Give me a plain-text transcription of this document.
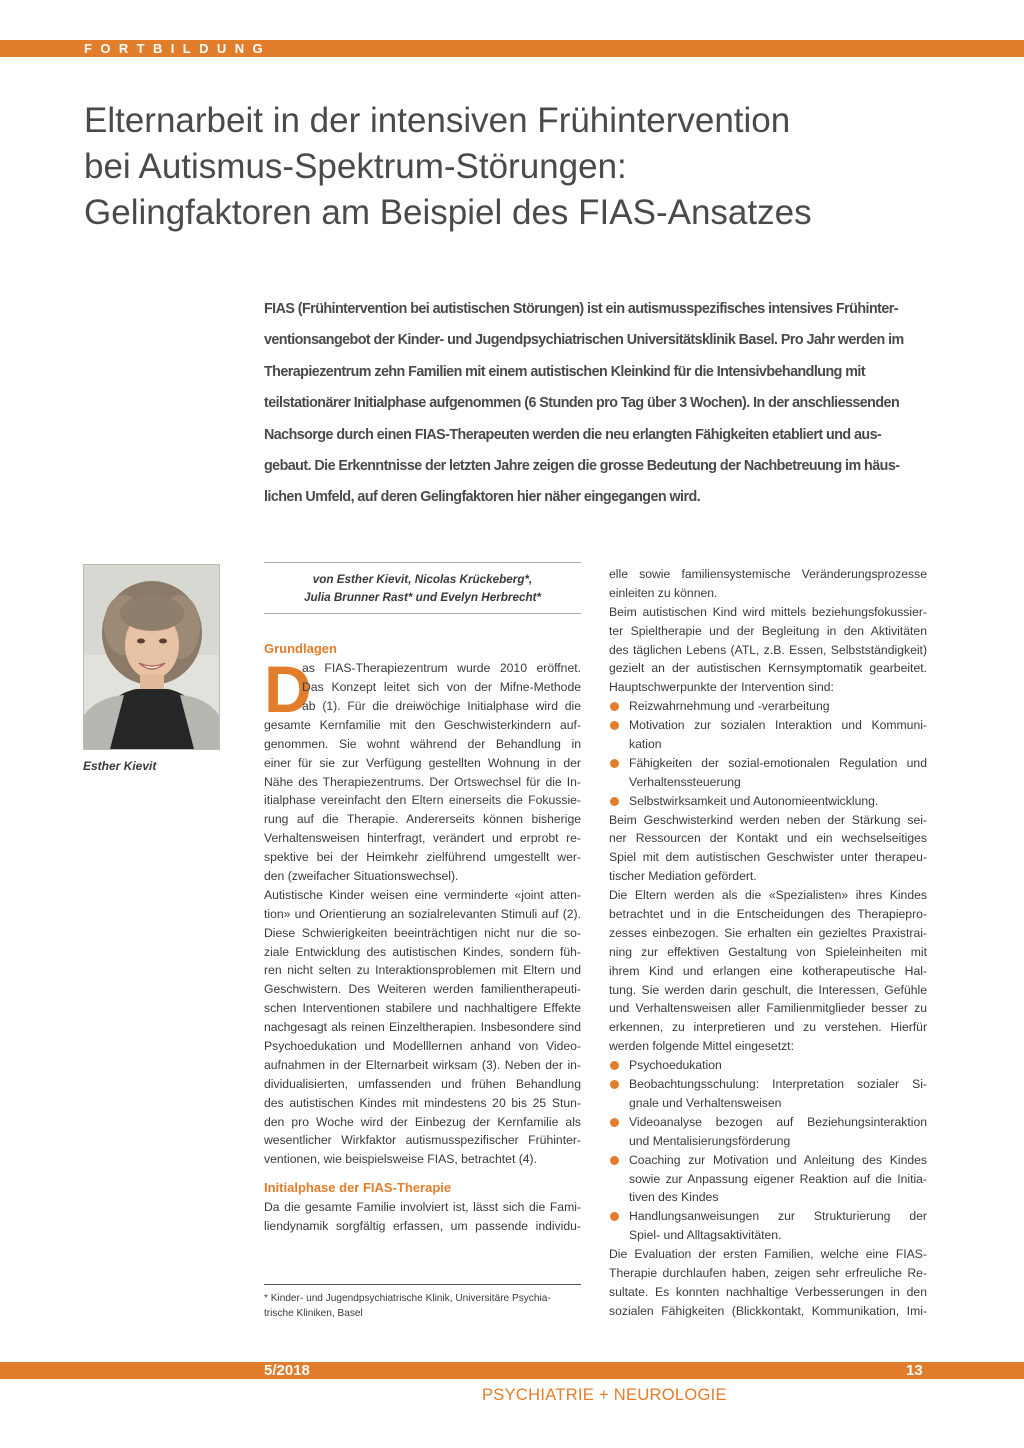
FORTBILDUNG
Elternarbeit in der intensiven Frühintervention
bei Autismus-Spektrum-Störungen:
Gelingfaktoren am Beispiel des FIAS-Ansatzes
FIAS (Frühintervention bei autistischen Störungen) ist ein autismusspezifisches intensives Frühinter-
ventionsangebot der Kinder- und Jugendpsychiatrischen Universitätsklinik Basel. Pro Jahr werden im
Therapiezentrum zehn Familien mit einem autistischen Kleinkind für die Intensivbehandlung mit
teilstationärer Initialphase aufgenommen (6 Stunden pro Tag über 3 Wochen). In der anschliessenden
Nachsorge durch einen FIAS-Therapeuten werden die neu erlangten Fähigkeiten etabliert und aus-
gebaut. Die Erkenntnisse der letzten Jahre zeigen die grosse Bedeutung der Nachbetreuung im häus-
lichen Umfeld, auf deren Gelingfaktoren hier näher eingegangen wird.
Esther Kievit
von Esther Kievit, Nicolas Krückeberg*,
Julia Brunner Rast* und Evelyn Herbrecht*
Grundlagen
D
as FIAS-Therapiezentrum wurde 2010 eröffnet.
Das Konzept leitet sich von der Mifne-Methode
ab (1). Für die dreiwöchige Initialphase wird die
gesamte Kernfamilie mit den Geschwisterkindern auf-
genommen. Sie wohnt während der Behandlung in
einer für sie zur Verfügung gestellten Wohnung in der
Nähe des Therapiezentrums. Der Ortswechsel für die In-
itialphase vereinfacht den Eltern einerseits die Fokussie-
rung auf die Therapie. Andererseits können bisherige
Verhaltensweisen hinterfragt, verändert und erprobt re-
spektive bei der Heimkehr zielführend umgestellt wer-
den (zweifacher Situationswechsel).
Autistische Kinder weisen eine verminderte «joint atten-
tion» und Orientierung an sozialrelevanten Stimuli auf (2).
Diese Schwierigkeiten beeinträchtigen nicht nur die so-
ziale Entwicklung des autistischen Kindes, sondern füh-
ren nicht selten zu Interaktionsproblemen mit Eltern und
Geschwistern. Des Weiteren werden familientherapeuti-
schen Interventionen stabilere und nachhaltigere Effekte
nachgesagt als reinen Einzeltherapien. Insbesondere sind
Psychoedukation und Modelllernen anhand von Video-
aufnahmen in der Elternarbeit wirksam (3). Neben der in-
dividualisierten, umfassenden und frühen Behandlung
des autistischen Kindes mit mindestens 20 bis 25 Stun-
den pro Woche wird der Einbezug der Kernfamilie als
wesentlicher Wirkfaktor autismusspezifischer Frühinter-
ventionen, wie beispielsweise FIAS, betrachtet (4).
Initialphase der FIAS-Therapie
Da die gesamte Familie involviert ist, lässt sich die Fami-
liendynamik sorgfältig erfassen, um passende individu-
elle sowie familiensystemische Veränderungsprozesse
einleiten zu können.
Beim autistischen Kind wird mittels beziehungsfokussier-
ter Spieltherapie und der Begleitung in den Aktivitäten
des täglichen Lebens (ATL, z.B. Essen, Selbstständigkeit)
gezielt an der autistischen Kernsymptomatik gearbeitet.
Hauptschwerpunkte der Intervention sind:
Reizwahrnehmung und -verarbeitung
Motivation zur sozialen Interaktion und Kommuni-
kation
Fähigkeiten der sozial-emotionalen Regulation und
Verhaltenssteuerung
Selbstwirksamkeit und Autonomieentwicklung.
Beim Geschwisterkind werden neben der Stärkung sei-
ner Ressourcen der Kontakt und ein wechselseitiges
Spiel mit dem autistischen Geschwister unter therapeu-
tischer Mediation gefördert.
Die Eltern werden als die «Spezialisten» ihres Kindes
betrachtet und in die Entscheidungen des Therapiepro-
zesses einbezogen. Sie erhalten ein gezieltes Praxistrai-
ning zur effektiven Gestaltung von Spieleinheiten mit
ihrem Kind und erlangen eine kotherapeutische Hal-
tung. Sie werden darin geschult, die Interessen, Gefühle
und Verhaltensweisen aller Familienmitglieder besser zu
erkennen, zu interpretieren und zu verstehen. Hierfür
werden folgende Mittel eingesetzt:
Psychoedukation
Beobachtungsschulung: Interpretation sozialer Si-
gnale und Verhaltensweisen
Videoanalyse bezogen auf Beziehungsinteraktion
und Mentalisierungsförderung
Coaching zur Motivation und Anleitung des Kindes
sowie zur Anpassung eigener Reaktion auf die Initia-
tiven des Kindes
Handlungsanweisungen zur Strukturierung der
Spiel- und Alltagsaktivitäten.
Die Evaluation der ersten Familien, welche eine FIAS-
Therapie durchlaufen haben, zeigen sehr erfreuliche Re-
sultate. Es konnten nachhaltige Verbesserungen in den
sozialen Fähigkeiten (Blickkontakt, Kommunikation, Imi-
* Kinder- und Jugendpsychiatrische Klinik, Universitäre Psychia-
trische Kliniken, Basel
5/2018	13
PSYCHIATRIE + NEUROLOGIE
